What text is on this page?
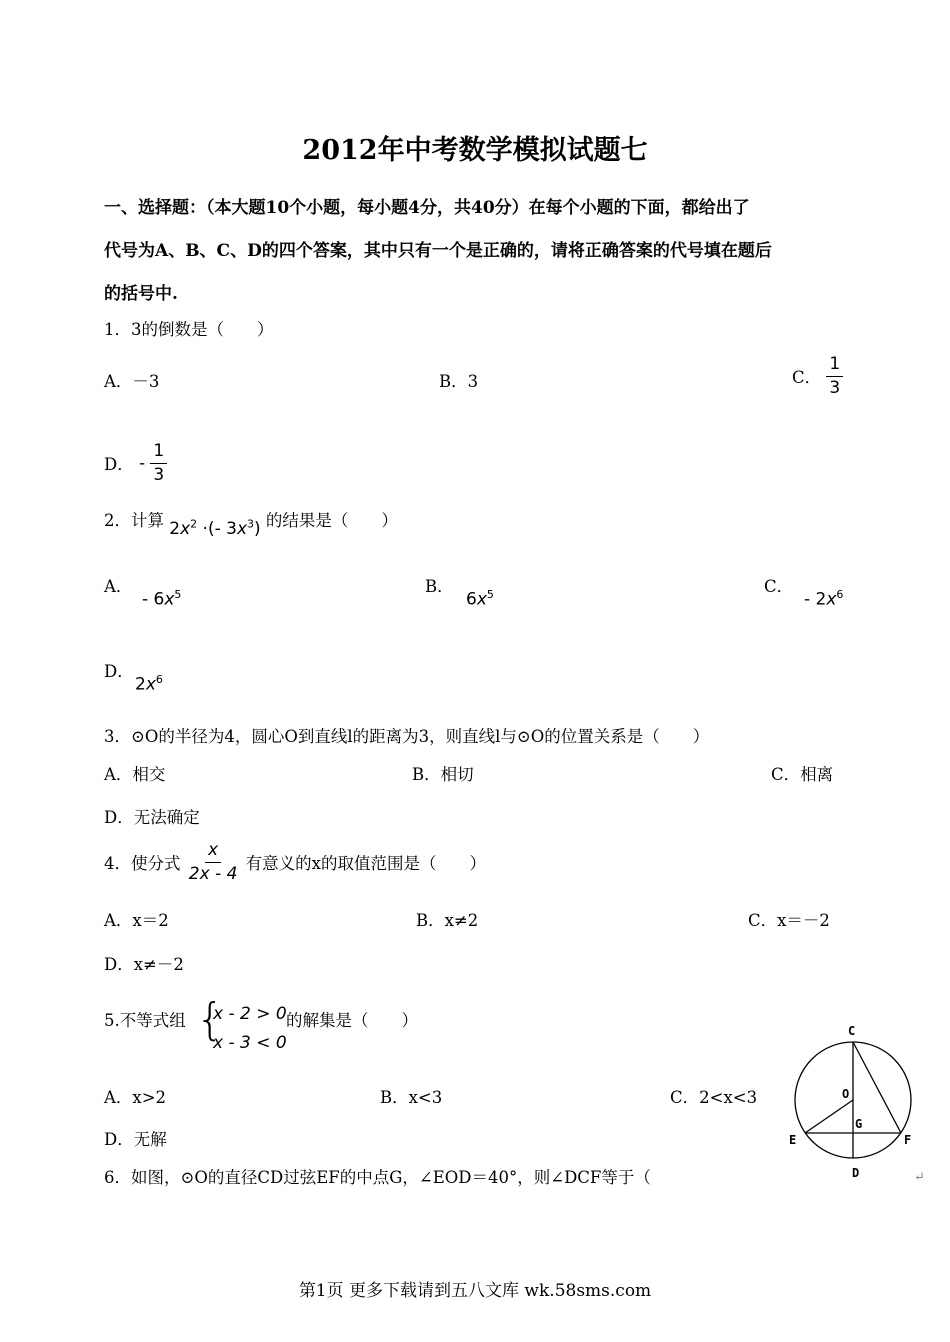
2012年中考数学模拟试题七
一、选择题：（本大题10个小题，每小题4分，共40分）在每个小题的下面，都给出了
代号为A、B、C、D的四个答案，其中只有一个是正确的，请将正确答案的代号填在题后
的括号中.
1．3的倒数是（　　）
A．－3	B．3	C． $\frac{1}{3}$
D． - $\frac{1}{3}$
2．计算 $2x^2$ ·(- $3x^3$) 的结果是（　　）
A．
- $6x^5$	B．
$6x^5$	C．
- $2x^6$
D．
$2x^6$
3．⊙O的半径为4，圆心O到直线l的距离为3，则直线l与⊙O的位置关系是（　　）
A．相交	B．相切	C．相离
D．无法确定
4．使分式 $\frac{x}{2x - 4}$ 有意义的x的取值范围是（　　）
A．x＝2	B．x≠2	C．x＝－2
D．x≠－2
5.不等式组 {
x - 2 > 0
x - 3 < 0
的解集是（　　）
A．x>2	B．x<3	C．2<x<3
D．无解
6．如图，⊙O的直径CD过弦EF的中点G，∠EOD＝40°，则∠DCF等于（	↵
C
O
G
E	F
D
第1页 更多下载请到五八文库 wk.58sms.com
